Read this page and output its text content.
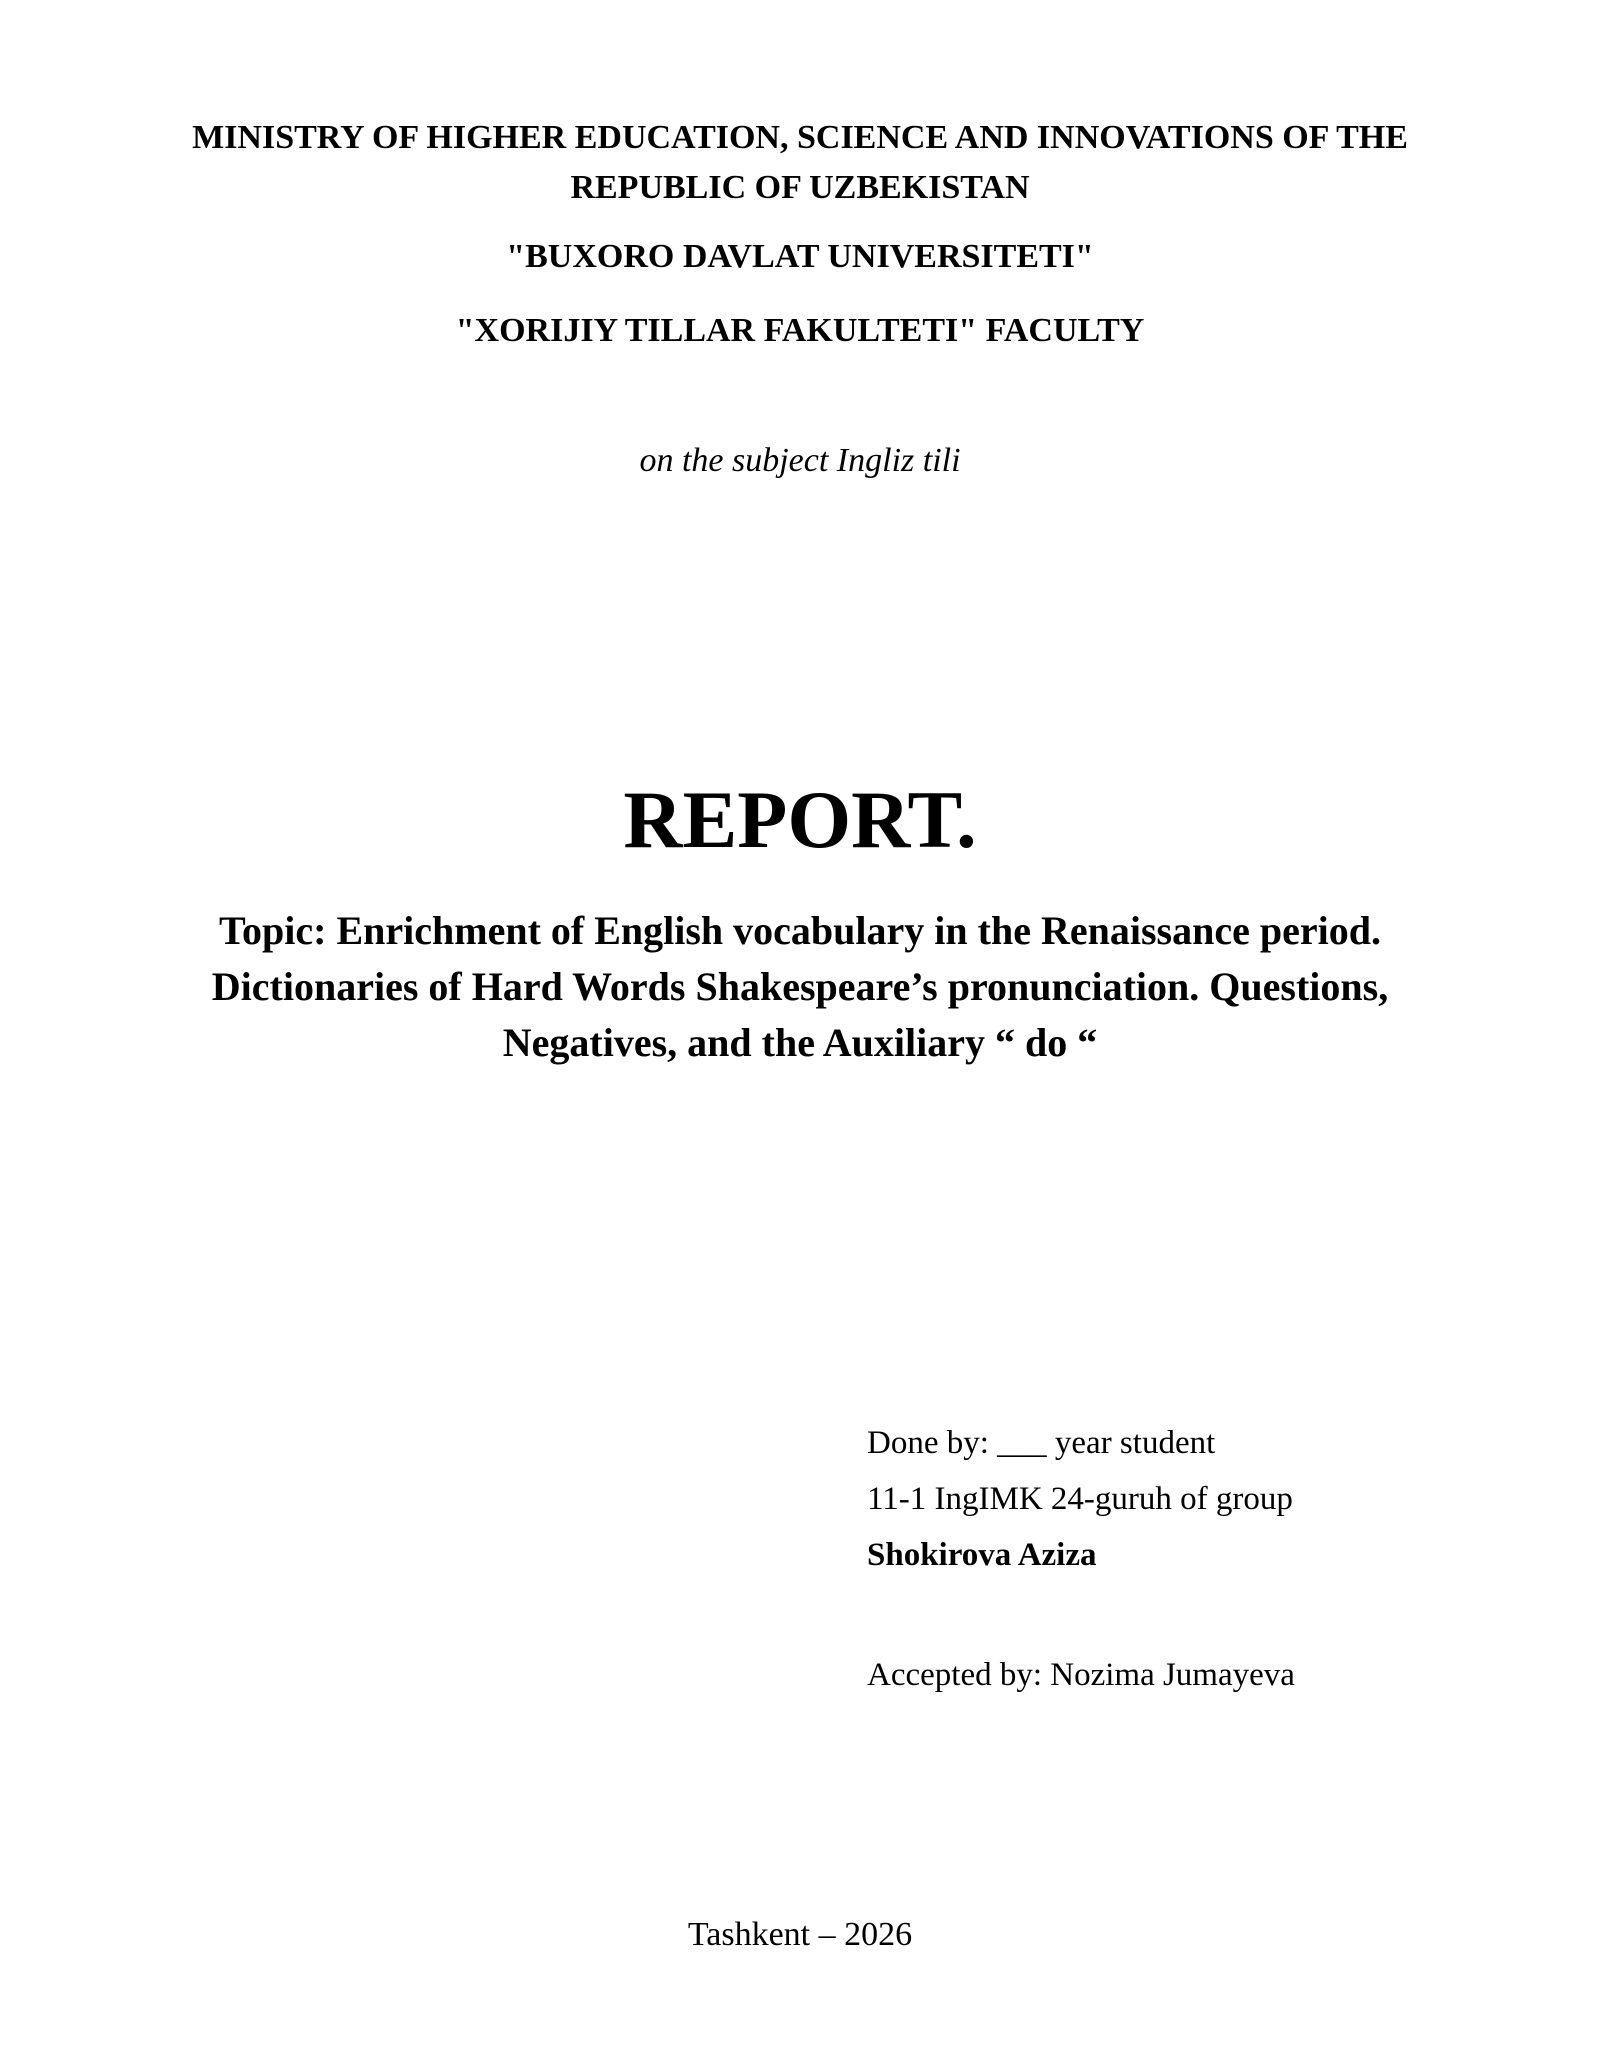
MINISTRY OF HIGHER EDUCATION, SCIENCE AND INNOVATIONS OF THE
REPUBLIC OF UZBEKISTAN
"BUXORO DAVLAT UNIVERSITETI"
"XORIJIY TILLAR FAKULTETI" FACULTY
on the subject Ingliz tili
REPORT.
Topic: Enrichment of English vocabulary in the Renaissance period.
Dictionaries of Hard Words Shakespeare’s pronunciation. Questions,
Negatives, and the Auxiliary “ do “
Done by: ___ year student
11-1 IngIMK 24-guruh of group
Shokirova Aziza
Accepted by: Nozima Jumayeva
Tashkent – 2026
